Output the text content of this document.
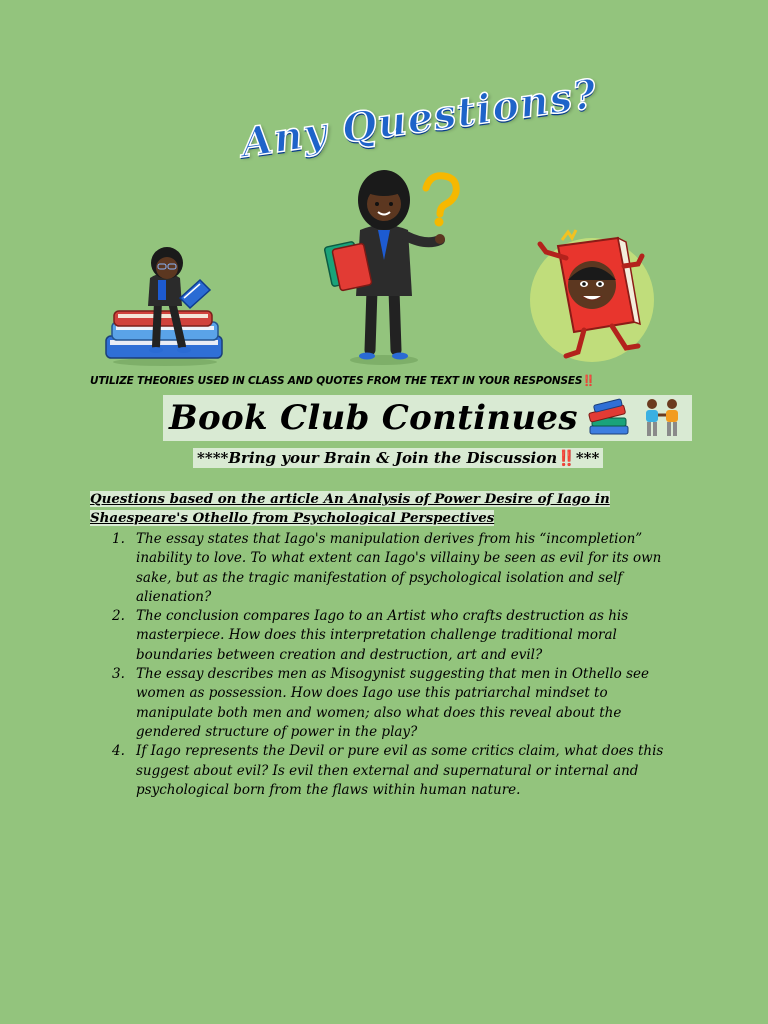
Any Questions?
UTILIZE THEORIES USED IN CLASS AND QUOTES FROM THE TEXT IN YOUR RESPONSES‼️
Book Club Continues
****Bring your Brain & Join the Discussion‼️***
Questions based on the article An Analysis of Power Desire of Iago in Shaespeare's Othello from Psychological Perspectives
1. The essay states that Iago's manipulation derives from his “incompletion” inability to love. To what extent can Iago's villainy be seen as evil for its own sake, but as the tragic manifestation of psychological isolation and self alienation?
2. The conclusion compares Iago to an Artist who crafts destruction as his masterpiece. How does this interpretation challenge traditional moral boundaries between creation and destruction, art and evil?
3. The essay describes men as Misogynist suggesting that men in Othello see women as possession. How does Iago use this patriarchal mindset to manipulate both men and women; also what does this reveal about the gendered structure of power in the play?
4. If Iago represents the Devil or pure evil as some critics claim, what does this suggest about evil? Is evil then external and supernatural or internal and psychological born from the flaws within human nature.
